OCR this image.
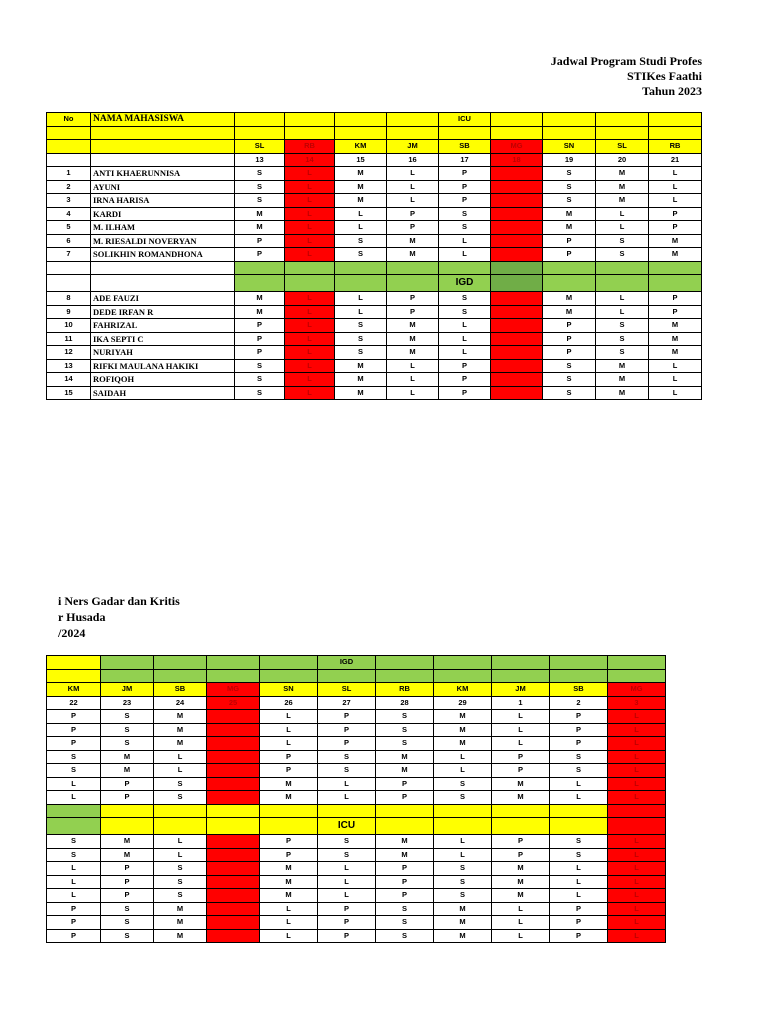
Jadwal Program Studi Profes
STIKes Faathi
Tahun 2023
No	NAMA MAHASISWA					ICU				

		SL	RB	KM	JM	SB	MG	SN	SL	RB
		13	14	15	16	17	18	19	20	21
1	ANTI KHAERUNNISA	S	L	M	L	P		S	M	L
2	AYUNI	S	L	M	L	P		S	M	L
3	IRNA HARISA	S	L	M	L	P		S	M	L
4	KARDI	M	L	L	P	S		M	L	P
5	M. ILHAM	M	L	L	P	S		M	L	P
6	M. RIESALDI NOVERYAN	P	L	S	M	L		P	S	M
7	SOLIKHIN ROMANDHONA	P	L	S	M	L		P	S	M

						IGD				
8	ADE FAUZI	M	L	L	P	S		M	L	P
9	DEDE IRFAN R	M	L	L	P	S		M	L	P
10	FAHRIZAL	P	L	S	M	L		P	S	M
11	IKA SEPTI C	P	L	S	M	L		P	S	M
12	NURIYAH	P	L	S	M	L		P	S	M
13	RIFKI MAULANA HAKIKI	S	L	M	L	P		S	M	L
14	ROFIQOH	S	L	M	L	P		S	M	L
15	SAIDAH	S	L	M	L	P		S	M	L
i Ners Gadar dan Kritis
r Husada
/2024
					IGD					

KM	JM	SB	MG	SN	SL	RB	KM	JM	SB	MG
22	23	24	25	26	27	28	29	1	2	3
P	S	M		L	P	S	M	L	P	L
P	S	M		L	P	S	M	L	P	L
P	S	M		L	P	S	M	L	P	L
S	M	L		P	S	M	L	P	S	L
S	M	L		P	S	M	L	P	S	L
L	P	S		M	L	P	S	M	L	L
L	P	S		M	L	P	S	M	L	L

					ICU					
S	M	L		P	S	M	L	P	S	L
S	M	L		P	S	M	L	P	S	L
L	P	S		M	L	P	S	M	L	L
L	P	S		M	L	P	S	M	L	L
L	P	S		M	L	P	S	M	L	L
P	S	M		L	P	S	M	L	P	L
P	S	M		L	P	S	M	L	P	L
P	S	M		L	P	S	M	L	P	L
